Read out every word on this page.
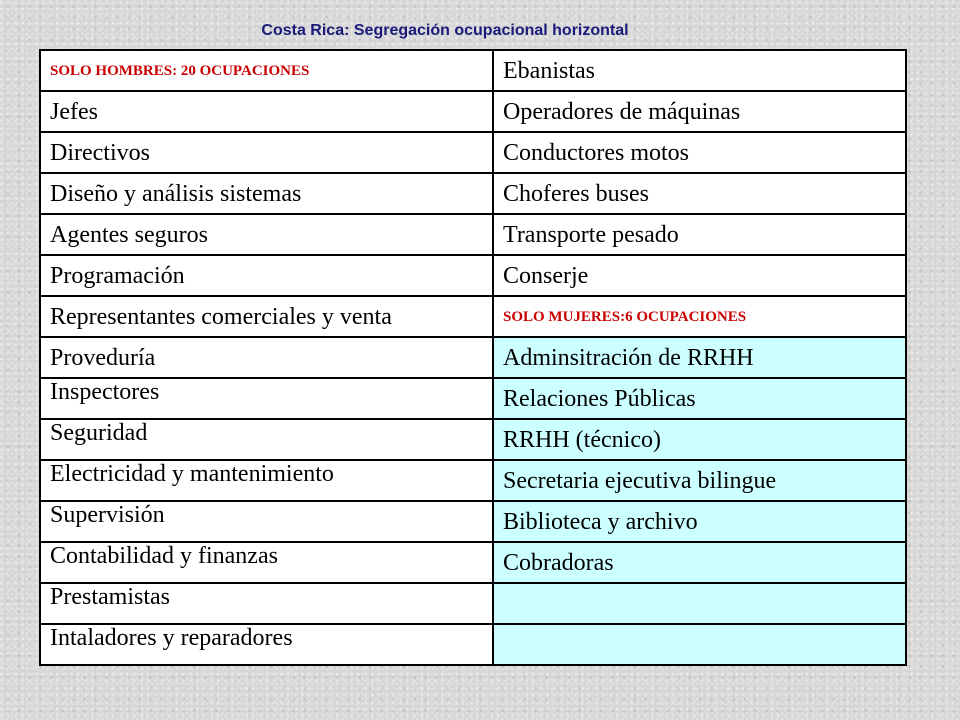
Costa Rica: Segregación ocupacional horizontal
SOLO HOMBRES: 20 OCUPACIONES	Ebanistas
Jefes	Operadores de máquinas
Directivos	Conductores motos
Diseño y análisis sistemas	Choferes buses
Agentes seguros	Transporte pesado
Programación	Conserje
Representantes comerciales y venta	SOLO MUJERES:6 OCUPACIONES
Proveduría	Adminsitración de RRHH
Inspectores	Relaciones Públicas
Seguridad	RRHH (técnico)
Electricidad y mantenimiento	Secretaria ejecutiva bilingue
Supervisión	Biblioteca y archivo
Contabilidad y finanzas	Cobradoras
Prestamistas	
Intaladores y reparadores	
